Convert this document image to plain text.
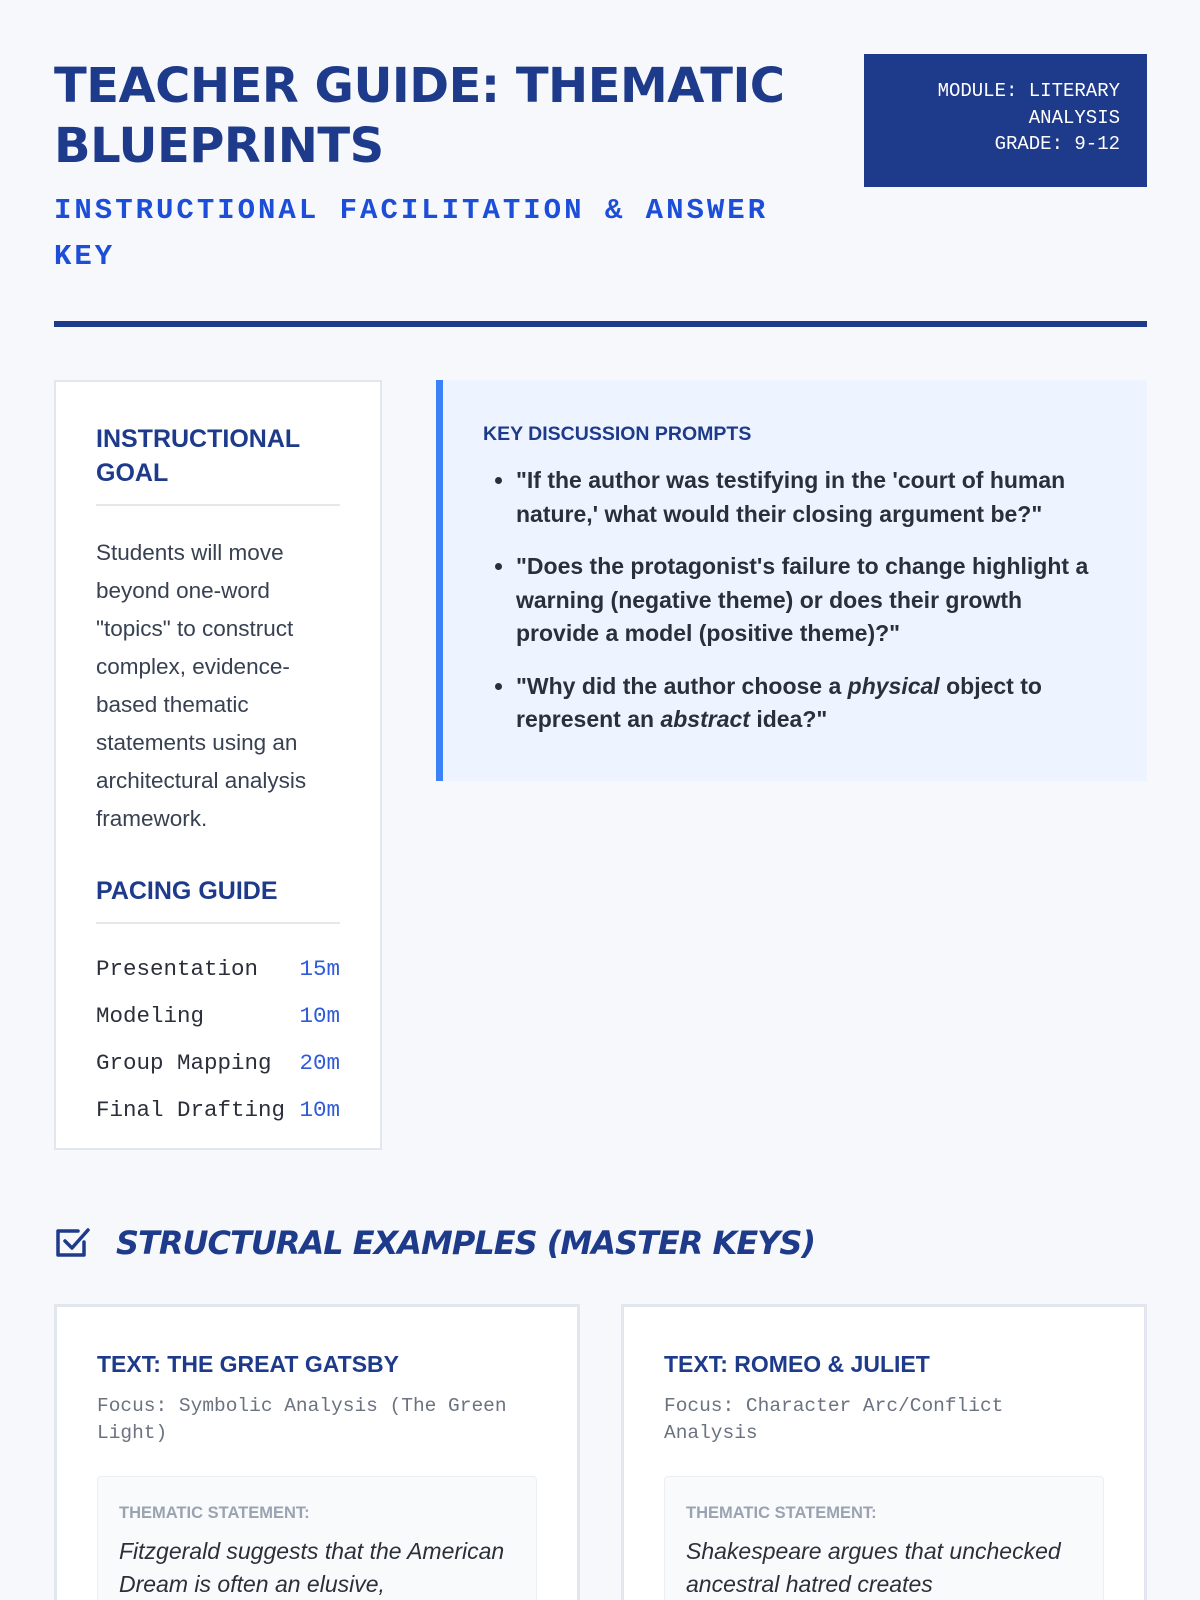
TEACHER GUIDE: THEMATIC BLUEPRINTS
INSTRUCTIONAL FACILITATION & ANSWER KEY
MODULE: LITERARY ANALYSIS
GRADE: 9-12
INSTRUCTIONAL GOAL

Students will move beyond one-word "topics" to construct complex, evidence-based thematic statements using an architectural analysis framework.

PACING GUIDE
Presentation 15m
Modeling	10m
Group Mapping 20m
Final Drafting 10m
KEY DISCUSSION PROMPTS
• "If the author was testifying in the 'court of human nature,' what would their closing argument be?"
• "Does the protagonist's failure to change highlight a warning (negative theme) or does their growth provide a model (positive theme)?"
• "Why did the author choose a physical object to represent an abstract idea?"
STRUCTURAL EXAMPLES (MASTER KEYS)
TEXT: THE GREAT GATSBY

Focus: Symbolic Analysis (The Green Light)

THEMATIC STATEMENT:

Fitzgerald suggests that the American Dream is often an elusive,

TEXT: ROMEO & JULIET

Focus: Character Arc/Conflict Analysis

THEMATIC STATEMENT:

Shakespeare argues that unchecked ancestral hatred creates
